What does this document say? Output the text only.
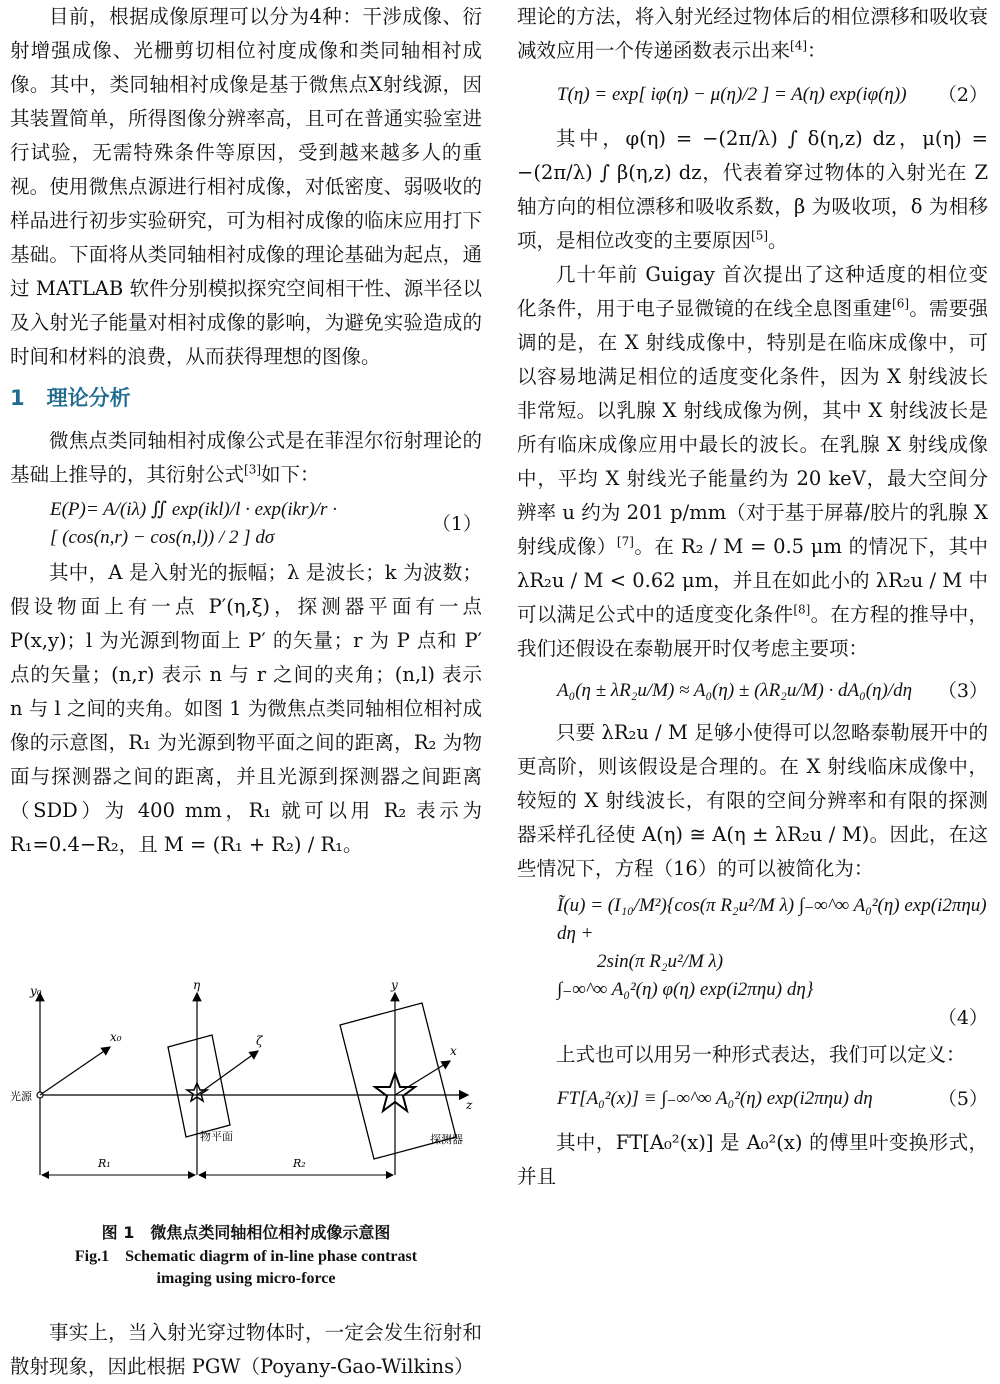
目前，根据成像原理可以分为4种：干涉成像、衍射增强成像、光栅剪切相位衬度成像和类同轴相衬成像。其中，类同轴相衬成像是基于微焦点X射线源，因其装置简单，所得图像分辨率高，且可在普通实验室进行试验，无需特殊条件等原因，受到越来越多人的重视。使用微焦点源进行相衬成像，对低密度、弱吸收的样品进行初步实验研究，可为相衬成像的临床应用打下基础。下面将从类同轴相衬成像的理论基础为起点，通过 MATLAB 软件分别模拟探究空间相干性、源半径以及入射光子能量对相衬成像的影响，为避免实验造成的时间和材料的浪费，从而获得理想的图像。

1 理论分析

微焦点类同轴相衬成像公式是在菲涅尔衍射理论的基础上推导的，其衍射公式[3]如下：

E(P)= A/(iλ) ∬ exp(ikl)/l · exp(ikr)/r ·
[ (cos(n,r) − cos(n,l)) / 2 ] dσ
（1）

其中，A 是入射光的振幅；λ 是波长；k 为波数；假设物面上有一点 P′(η,ξ)，探测器平面有一点 P(x,y)；l 为光源到物面上 P′ 的矢量；r 为 P 点和 P′ 点的矢量；(n,r) 表示 n 与 r 之间的夹角；(n,l) 表示 n 与 l 之间的夹角。如图 1 为微焦点类同轴相位相衬成像的示意图，R₁ 为光源到物平面之间的距离，R₂ 为物面与探测器之间的距离，并且光源到探测器之间距离（SDD）为 400 mm，R₁ 就可以用 R₂ 表示为 R₁=0.4−R₂，且 M = (R₁ + R₂) / R₁。

y₀	η	y
x₀	ζ
x
z
光源
物平面	探测器
R₁	R₂
图 1　微焦点类同轴相位相衬成像示意图
Fig.1　Schematic diagrm of in-line phase contrast
imaging using micro-force

事实上，当入射光穿过物体时，一定会发生衍射和散射现象，因此根据 PGW（Poyany-Gao-Wilkins）

理论的方法，将入射光经过物体后的相位漂移和吸收衰减效应用一个传递函数表示出来[4]：

T(η) = exp[ iφ(η) − μ(η)/2 ] = A(η) exp(iφ(η)) （2）

其中，φ(η) = −(2π/λ) ∫ δ(η,z) dz，μ(η) = −(2π/λ) ∫ β(η,z) dz，代表着穿过物体的入射光在 Z 轴方向的相位漂移和吸收系数，β 为吸收项，δ 为相移项，是相位改变的主要原因[5]。

几十年前 Guigay 首次提出了这种适度的相位变化条件，用于电子显微镜的在线全息图重建[6]。需要强调的是，在 X 射线成像中，特别是在临床成像中，可以容易地满足相位的适度变化条件，因为 X 射线波长非常短。以乳腺 X 射线成像为例，其中 X 射线波长是所有临床成像应用中最长的波长。在乳腺 X 射线成像中，平均 X 射线光子能量约为 20 keV，最大空间分辨率 u 约为 201 p/mm（对于基于屏幕/胶片的乳腺 X 射线成像）[7]。在 R₂ / M = 0.5 μm 的情况下，其中 λR₂u / M < 0.62 μm，并且在如此小的 λR₂u / M 中可以满足公式中的适度变化条件[8]。在方程的推导中，我们还假设在泰勒展开时仅考虑主要项：

A₀(η ± λR₂u/M) ≈ A₀(η) ± (λR₂u/M) · dA₀(η)/dη （3）

只要 λR₂u / M 足够小使得可以忽略泰勒展开中的更高阶，则该假设是合理的。在 X 射线临床成像中，较短的 X 射线波长，有限的空间分辨率和有限的探测器采样孔径使 A(η) ≅ A(η ± λR₂u / M)。因此，在这些情况下，方程（16）的可以被简化为：

Ĩ(u) = (I₁₀/M²){cos(π R₂u²/M λ) ∫₋∞^∞ A₀²(η) exp(i2πηu) dη +
2sin(π R₂u²/M λ)
∫₋∞^∞ A₀²(η) φ(η) exp(i2πηu) dη}
（4）

上式也可以用另一种形式表达，我们可以定义：

FT[A₀²(x)] ≡ ∫₋∞^∞ A₀²(η) exp(i2πηu) dη	（5）

其中，FT[A₀²(x)] 是 A₀²(x) 的傅里叶变换形式，并且
